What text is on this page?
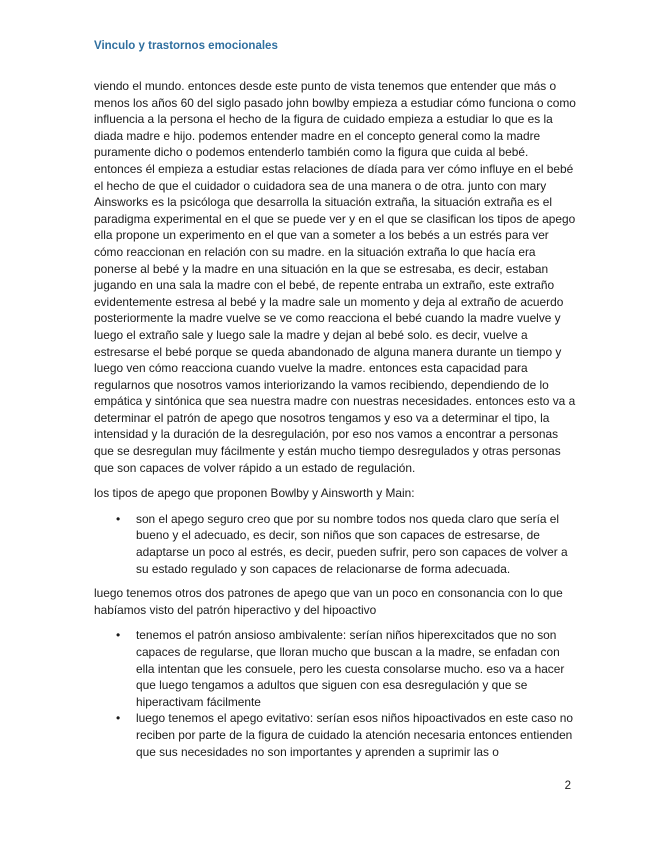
Vinculo y trastornos emocionales

viendo el mundo. entonces desde este punto de vista tenemos que entender que más o menos los años 60 del siglo pasado john bowlby empieza a estudiar cómo funciona o como influencia a la persona el hecho de la figura de cuidado empieza a estudiar lo que es la diada madre e hijo. podemos entender madre en el concepto general como la madre puramente dicho o podemos entenderlo también como la figura que cuida al bebé. entonces él empieza a estudiar estas relaciones de díada para ver cómo influye en el bebé el hecho de que el cuidador o cuidadora sea de una manera o de otra. junto con mary Ainsworks es la psicóloga que desarrolla la situación extraña, la situación extraña es el paradigma experimental en el que se puede ver y en el que se clasifican los tipos de apego ella propone un experimento en el que van a someter a los bebés a un estrés para ver cómo reaccionan en relación con su madre. en la situación extraña lo que hacía era ponerse al bebé y la madre en una situación en la que se estresaba, es decir, estaban jugando en una sala la madre con el bebé, de repente entraba un extraño, este extraño evidentemente estresa al bebé y la madre sale un momento y deja al extraño de acuerdo posteriormente la madre vuelve se ve como reacciona el bebé cuando la madre vuelve y luego el extraño sale y luego sale la madre y dejan al bebé solo. es decir, vuelve a estresarse el bebé porque se queda abandonado de alguna manera durante un tiempo y luego ven cómo reacciona cuando vuelve la madre. entonces esta capacidad para regularnos que nosotros vamos interiorizando la vamos recibiendo, dependiendo de lo empática y sintónica que sea nuestra madre con nuestras necesidades. entonces esto va a determinar el patrón de apego que nosotros tengamos y eso va a determinar el tipo, la intensidad y la duración de la desregulación, por eso nos vamos a encontrar a personas que se desregulan muy fácilmente y están mucho tiempo desregulados y otras personas que son capaces de volver rápido a un estado de regulación.

los tipos de apego que proponen Bowlby y Ainsworth y Main:

• son el apego seguro creo que por su nombre todos nos queda claro que sería el bueno y el adecuado, es decir, son niños que son capaces de estresarse, de adaptarse un poco al estrés, es decir, pueden sufrir, pero son capaces de volver a su estado regulado y son capaces de relacionarse de forma adecuada.

luego tenemos otros dos patrones de apego que van un poco en consonancia con lo que habíamos visto del patrón hiperactivo y del hipoactivo

• tenemos el patrón ansioso ambivalente: serían niños hiperexcitados que no son capaces de regularse, que lloran mucho que buscan a la madre, se enfadan con ella intentan que les consuele, pero les cuesta consolarse mucho. eso va a hacer que luego tengamos a adultos que siguen con esa desregulación y que se hiperactivam fácilmente
• luego tenemos el apego evitativo: serían esos niños hipoactivados en este caso no reciben por parte de la figura de cuidado la atención necesaria entonces entienden que sus necesidades no son importantes y aprenden a suprimir las o
2
